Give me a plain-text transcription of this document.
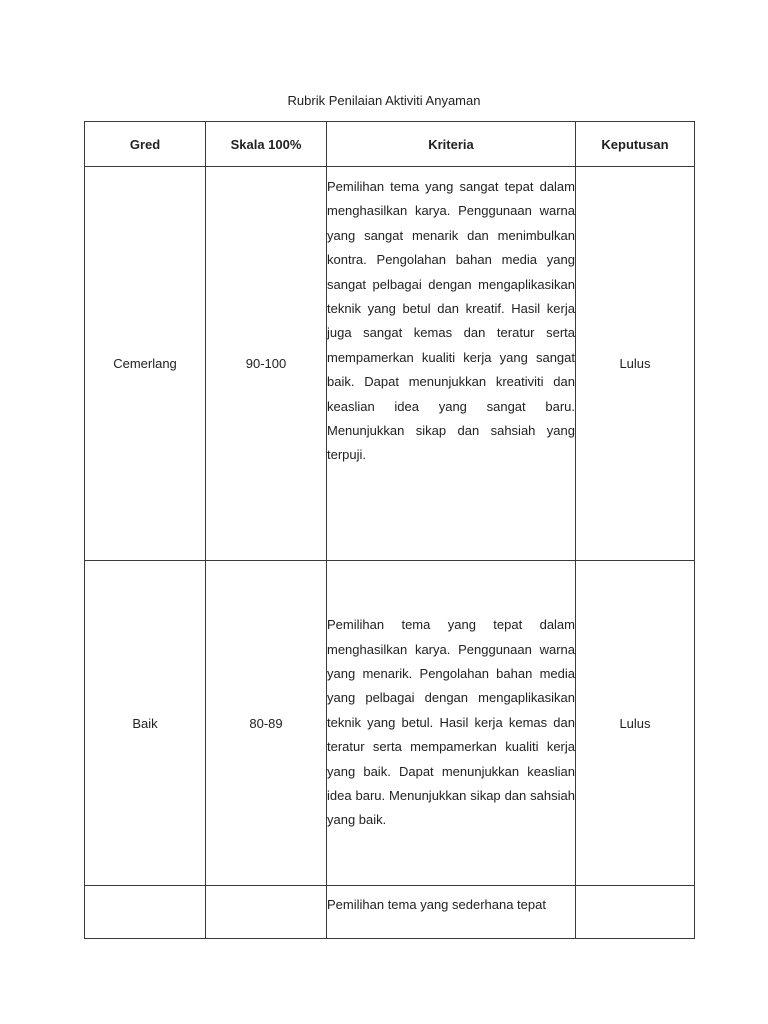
Rubrik Penilaian Aktiviti Anyaman
Gred	Skala 100%	Kriteria	Keputusan
Cemerlang	90-100	Pemilihan tema yang sangat tepat dalam menghasilkan karya. Penggunaan warna yang sangat menarik dan menimbulkan kontra. Pengolahan bahan media yang sangat pelbagai dengan mengaplikasikan teknik yang betul dan kreatif. Hasil kerja juga sangat kemas dan teratur serta mempamerkan kualiti kerja yang sangat baik. Dapat menunjukkan kreativiti dan keaslian idea yang sangat baru. Menunjukkan sikap dan sahsiah yang terpuji.	Lulus
Baik	80-89	Pemilihan tema yang tepat dalam menghasilkan karya. Penggunaan warna yang menarik. Pengolahan bahan media yang pelbagai dengan mengaplikasikan teknik yang betul. Hasil kerja kemas dan teratur serta mempamerkan kualiti kerja yang baik. Dapat menunjukkan keaslian idea baru. Menunjukkan sikap dan sahsiah yang baik.	Lulus

		Pemilihan tema yang sederhana tepat	
